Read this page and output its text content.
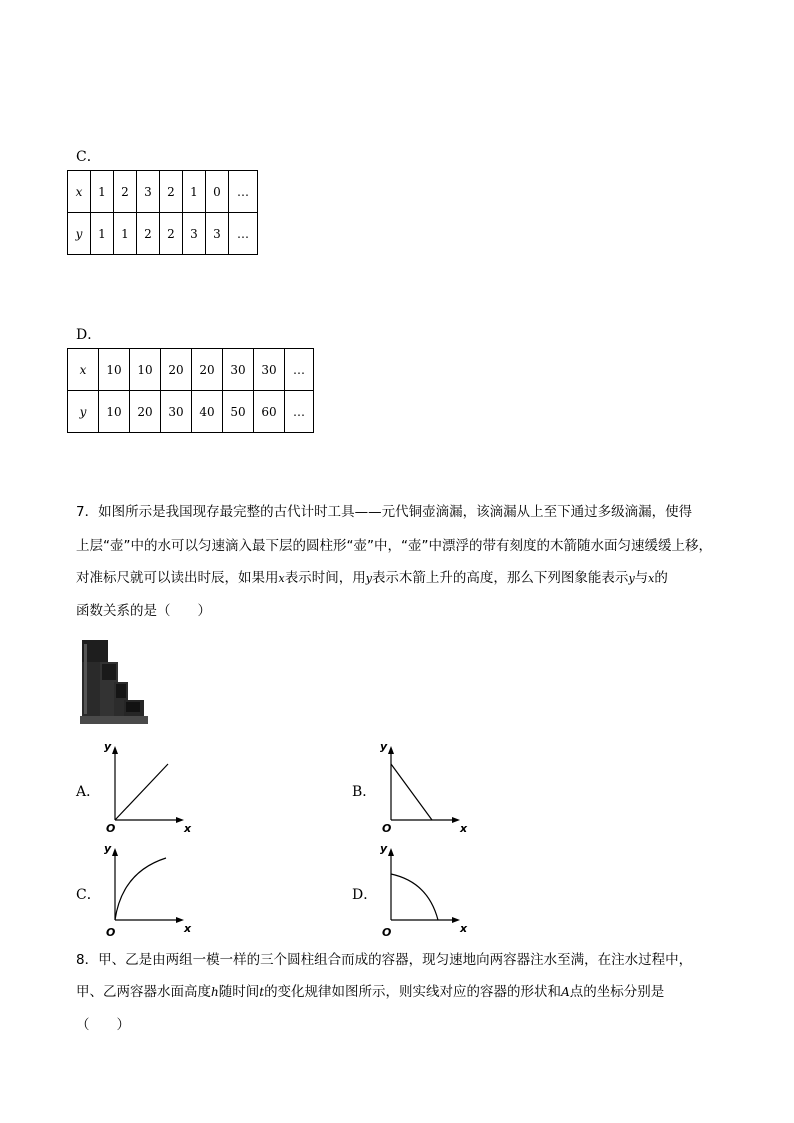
C．
x	1	2	3	2	1	0	…
y	1	1	2	2	3	3	…
D．
x	10	10	20	20	30	30	…
y	10	20	30	40	50	60	…
7．如图所示是我国现存最完整的古代计时工具——元代铜壶滴漏，该滴漏从上至下通过多级滴漏，使得
上层“壶”中的水可以匀速滴入最下层的圆柱形“壶”中，“壶”中漂浮的带有刻度的木箭随水面匀速缓缓上移，
对准标尺就可以读出时辰，如果用x表示时间，用y表示木箭上升的高度，那么下列图象能表示y与x的
函数关系的是（　　）
A．
y
x
O
B．
y
x
O
C．
y
x
O
D．
y
x
O
8．甲、乙是由两组一模一样的三个圆柱组合而成的容器，现匀速地向两容器注水至满，在注水过程中，
甲、乙两容器水面高度h随时间t的变化规律如图所示，则实线对应的容器的形状和A点的坐标分别是
（　　）
